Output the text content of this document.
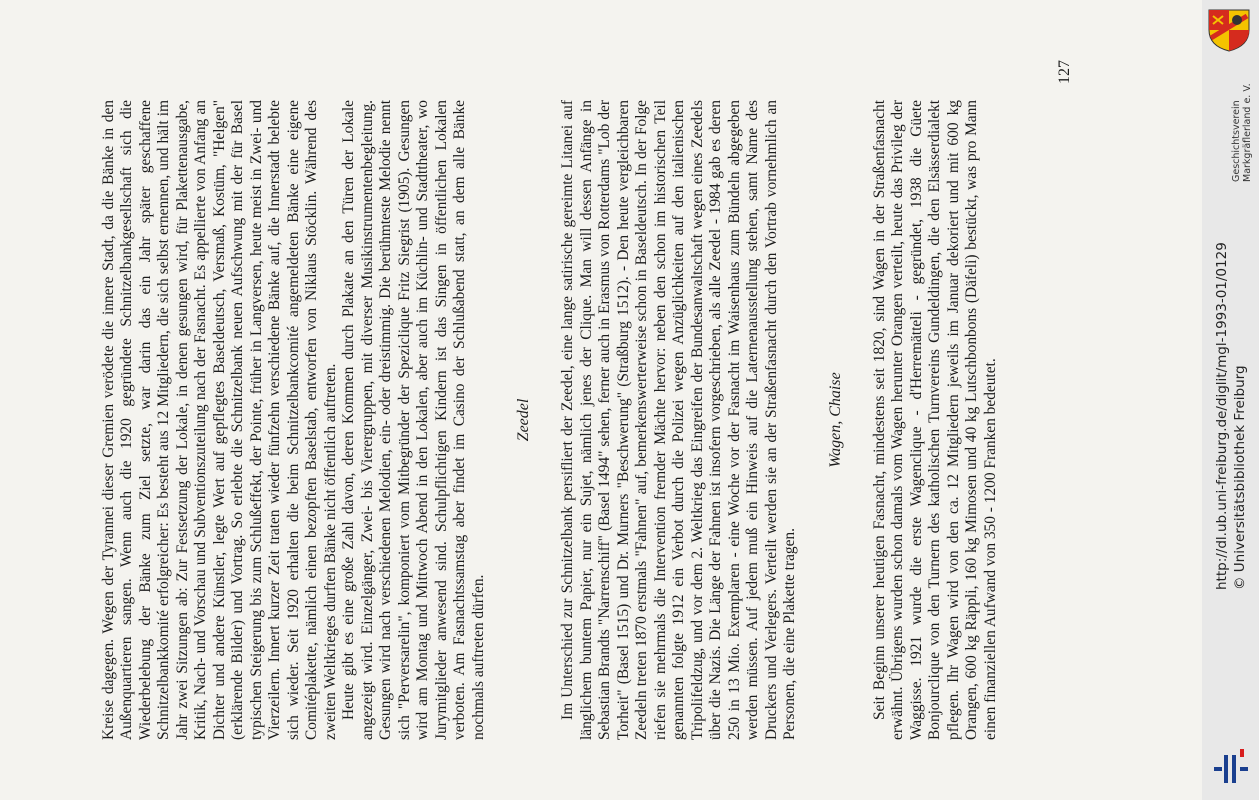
Kreise dagegen. Wegen der Tyrannei dieser Gremien verödete die innere Stadt, da die Bänke in den Außenquartieren sangen. Wenn auch die 1920 gegründete Schnitzelbankgesellschaft sich die Wiederbelebung der Bänke zum Ziel setzte, war darin das ein Jahr später geschaffene Schnitzelbankkomité erfolgreicher: Es besteht aus 12 Mitgliedern, die sich selbst ernennen, und hält im Jahr zwei Sitzungen ab: Zur Festsetzung der Lokale, in denen gesungen wird, für Plakettenausgabe, Kritik, Nach- und Vorschau und Subventionszuteilung nach der Fasnacht. Es appellierte von Anfang an Dichter und andere Künstler, legte Wert auf gepflegtes Baseldeutsch, Versmaß, Kostüm, "Helgen" (erklärende Bilder) und Vortrag. So erlebte die Schnitzelbank neuen Aufschwung mit der für Basel typischen Steigerung bis zum Schlußeffekt, der Pointe, früher in Langversen, heute meist in Zwei- und Vierzeilern. Innert kurzer Zeit traten wieder fünfzehn verschiedene Bänke auf, die Innerstadt belebte sich wieder. Seit 1920 erhalten die beim Schnitzelbankcomité angemeldeten Bänke eine eigene Comitéplakette, nämlich einen bezopften Baselstab, entworfen von Niklaus Stöcklin. Während des zweiten Weltkrieges durften Bänke nicht öffentlich auftreten. Heute gibt es eine große Zahl davon, deren Kommen durch Plakate an den Türen der Lokale angezeigt wird. Einzelgänger, Zwei- bis Vierergruppen, mit diverser Musikinstrumentenbegleitung. Gesungen wird nach verschiedenen Melodien, ein- oder dreistimmig. Die berühmteste Melodie nennt sich "Perversarelin", komponiert vom Mitbegründer der Speziclique Fritz Siegrist (1905). Gesungen wird am Montag und Mittwoch Abend in den Lokalen, aber auch im Küchlin- und Stadttheater, wo Jurymitglieder anwesend sind. Schulpflichtigen Kindern ist das Singen in öffentlichen Lokalen verboten. Am Fasnachtssamstag aber findet im Casino der Schlußabend statt, an dem alle Bänke nochmals auftreten dürfen.

Zeedel Im Unterschied zur Schnitzelbank persifliert der Zeedel, eine lange satirische gereimte Litanei auf länglichem buntem Papier, nur ein Sujet, nämlich jenes der Clique. Man will dessen Anfänge in Sebastian Brandts "Narrenschiff" (Basel 1494" sehen, ferner auch in Erasmus von Rotterdams "Lob der Torheit" (Basel 1515) und Dr. Murners "Beschwerung" (Straßburg 1512). - Den heute vergleichbaren Zeedeln treten 1870 erstmals "Fahnen" auf, bemerkenswerterweise schon in Baseldeutsch. In der Folge riefen sie mehrmals die Intervention fremder Mächte hervor: neben den schon im historischen Teil genannten folgte 1912 ein Verbot durch die Polizei wegen Anzüglichkeiten auf den italienischen Tripolifeldzug, und vor dem 2. Weltkrieg das Eingreifen der Bundesanwaltschaft wegen eines Zeedels über die Nazis. Die Länge der Fahnen ist insofern vorgeschrieben, als alle Zeedel - 1984 gab es deren 250 in 13 Mio. Exemplaren - eine Woche vor der Fasnacht im Waisenhaus zum Bündeln abgegeben werden müssen. Auf jedem muß ein Hinweis auf die Laternenausstellung stehen, samt Name des Druckers und Verlegers. Verteilt werden sie an der Straßenfasnacht durch den Vortrab vornehmlich an Personen, die eine Plakette tragen.

Wagen, Chaise Seit Beginn unserer heutigen Fasnacht, mindestens seit 1820, sind Wagen in der Straßenfasnacht erwähnt. Übrigens wurden schon damals vom Wagen herunter Orangen verteilt, heute das Privileg der Waggisse. 1921 wurde die erste Wagenclique - d'Herremätteli - gegründet, 1938 die Güete Bonjourclique von den Turnern des katholischen Turnvereins Gundeldingen, die den Elsässerdialekt pflegen. Ihr Wagen wird von den ca. 12 Mitgliedern jeweils im Januar dekoriert und mit 600 kg Orangen, 600 kg Räppli, 160 kg Mimosen und 40 kg Lutschbonbons (Däfeli) bestückt, was pro Mann einen finanziellen Aufwand von 350 - 1200 Franken bedeutet.

127
Geschichtsverein Markgräflerland e. V.
http://dl.ub.uni-freiburg.de/diglit/mgl-1993-01/0129 © Universitätsbibliothek Freiburg
